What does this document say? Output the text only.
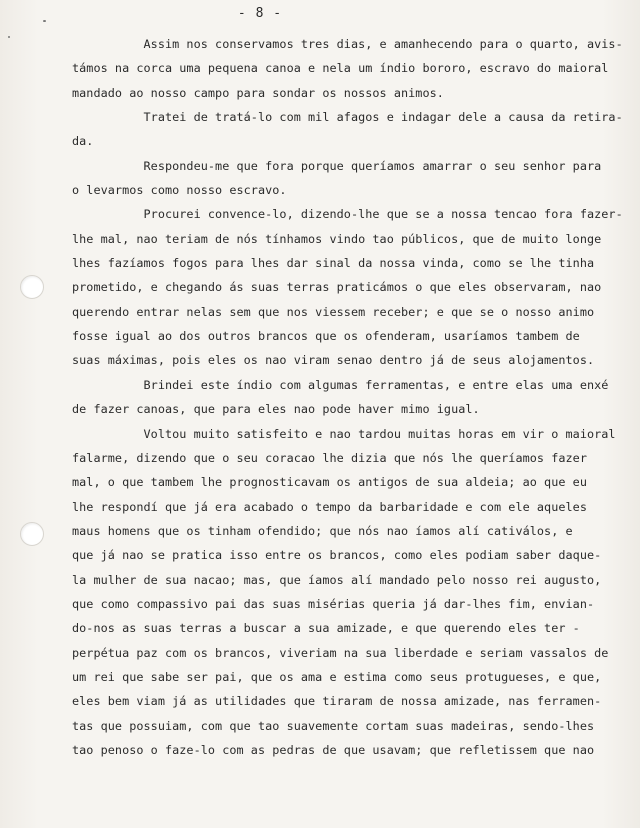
- 8 -
Assim nos conservamos tres dias, e amanhecendo para o quarto, avis-
támos na corca uma pequena canoa e nela um índio bororo, escravo do maioral
mandado ao nosso campo para sondar os nossos animos.
Tratei de tratá-lo com mil afagos e indagar dele a causa da retira-
da.
Respondeu-me que fora porque queríamos amarrar o seu senhor para
o levarmos como nosso escravo.
Procurei convence-lo, dizendo-lhe que se a nossa tencao fora fazer-
lhe mal, nao teriam de nós tínhamos vindo tao públicos, que de muito longe
lhes fazíamos fogos para lhes dar sinal da nossa vinda, como se lhe tinha
prometido, e chegando ás suas terras praticámos o que eles observaram, nao
querendo entrar nelas sem que nos viessem receber; e que se o nosso animo
fosse igual ao dos outros brancos que os ofenderam, usaríamos tambem de
suas máximas, pois eles os nao viram senao dentro já de seus alojamentos.
Brindei este índio com algumas ferramentas, e entre elas uma enxé
de fazer canoas, que para eles nao pode haver mimo igual.
Voltou muito satisfeito e nao tardou muitas horas em vir o maioral
falarme, dizendo que o seu coracao lhe dizia que nós lhe queríamos fazer
mal, o que tambem lhe prognosticavam os antigos de sua aldeia; ao que eu
lhe respondí que já era acabado o tempo da barbaridade e com ele aqueles
maus homens que os tinham ofendido; que nós nao íamos alí cativálos, e
que já nao se pratica isso entre os brancos, como eles podiam saber daque-
la mulher de sua nacao; mas, que íamos alí mandado pelo nosso rei augusto,
que como compassivo pai das suas misérias queria já dar-lhes fim, envian-
do-nos as suas terras a buscar a sua amizade, e que querendo eles ter -
perpétua paz com os brancos, viveriam na sua liberdade e seriam vassalos de
um rei que sabe ser pai, que os ama e estima como seus protugueses, e que,
eles bem viam já as utilidades que tiraram de nossa amizade, nas ferramen-
tas que possuiam, com que tao suavemente cortam suas madeiras, sendo-lhes
tao penoso o faze-lo com as pedras de que usavam; que refletissem que nao
